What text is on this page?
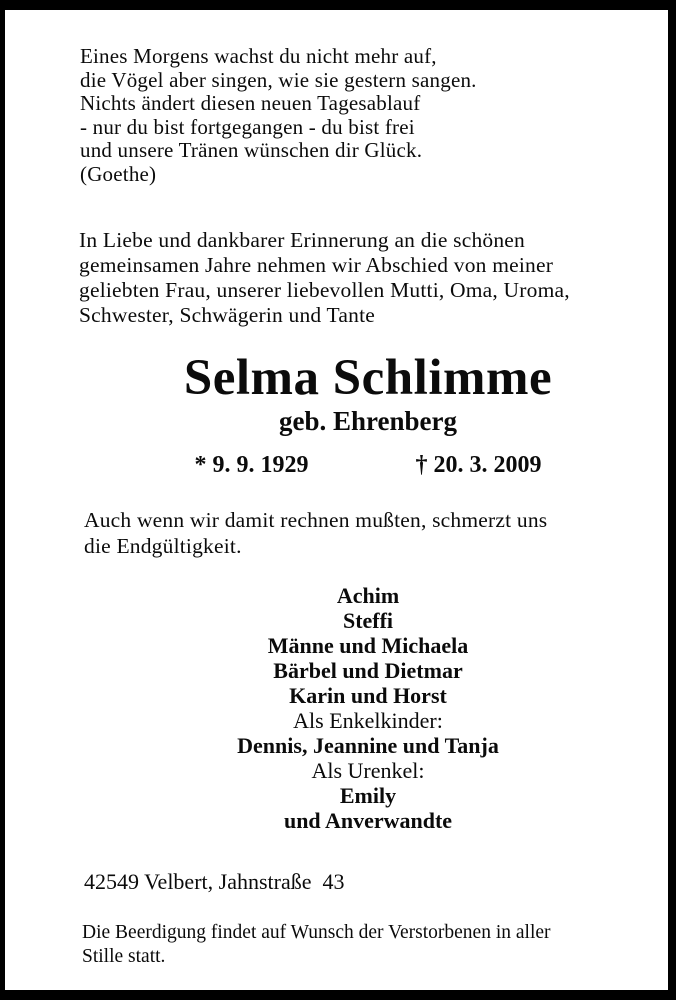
Eines Morgens wachst du nicht mehr auf,
die Vögel aber singen, wie sie gestern sangen.
Nichts ändert diesen neuen Tagesablauf
- nur du bist fortgegangen - du bist frei
und unsere Tränen wünschen dir Glück.
(Goethe)
In Liebe und dankbarer Erinnerung an die schönen
gemeinsamen Jahre nehmen wir Abschied von meiner
geliebten Frau, unserer liebevollen Mutti, Oma, Uroma,
Schwester, Schwägerin und Tante
Selma Schlimme
geb. Ehrenberg
* 9. 9. 1929	† 20. 3. 2009
Auch wenn wir damit rechnen mußten, schmerzt uns
die Endgültigkeit.
Achim
Steffi
Männe und Michaela
Bärbel und Dietmar
Karin und Horst
Als Enkelkinder:
Dennis, Jeannine und Tanja
Als Urenkel:
Emily
und Anverwandte
42549 Velbert, Jahnstraße  43
Die Beerdigung findet auf Wunsch der Verstorbenen in aller
Stille statt.
